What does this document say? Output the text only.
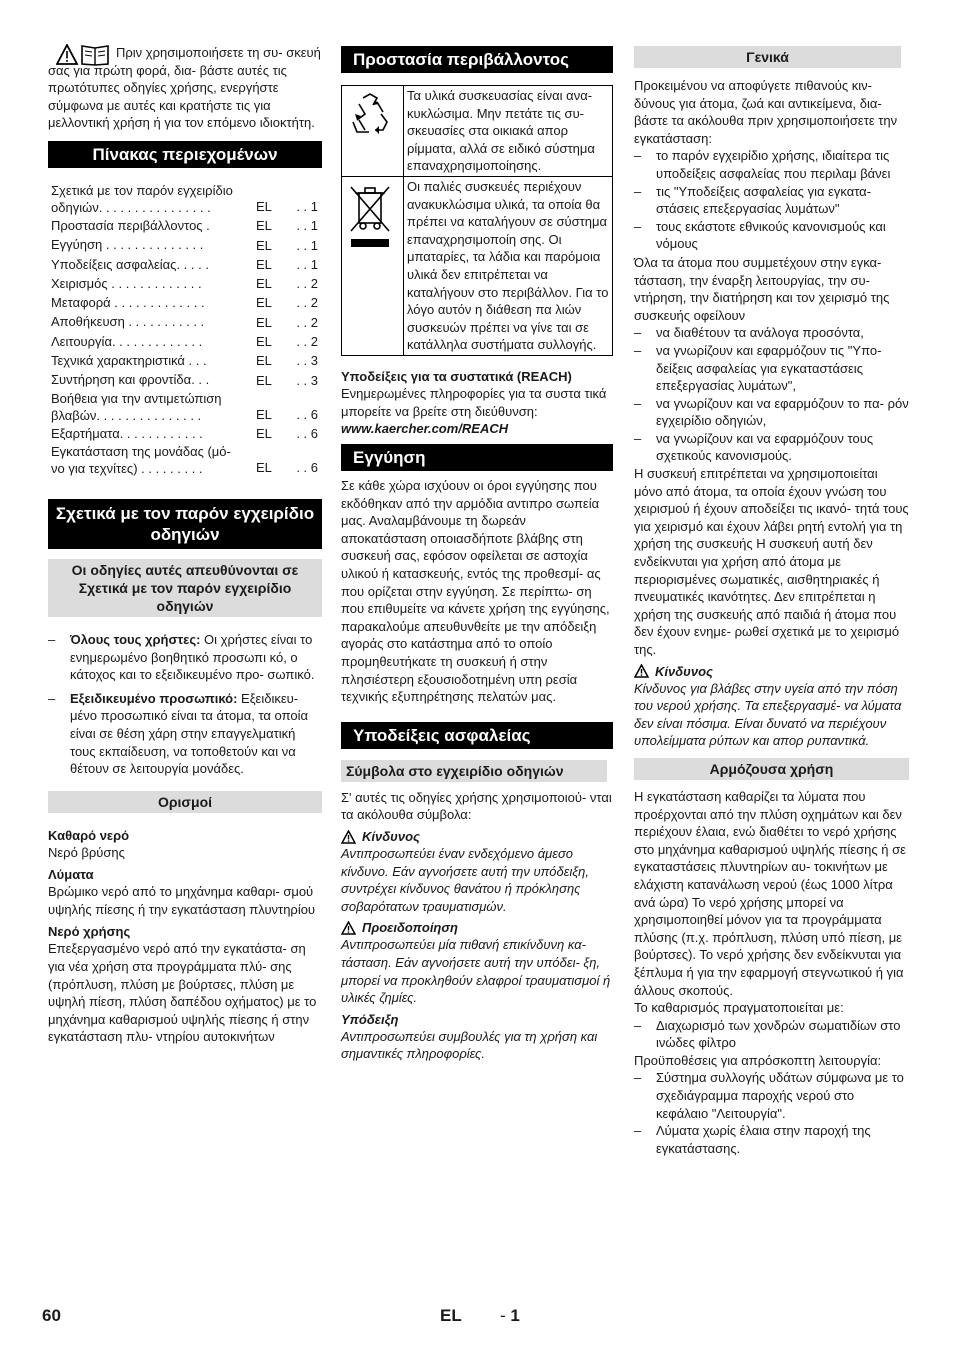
Πριν χρησιμοποιήσετε τη συ- σκευή σας για πρώτη φορά, δια- βάστε αυτές τις πρωτότυπες οδηγίες χρήσης, ενεργήστε σύμφωνα με αυτές και κρατήστε τις για μελλοντική χρήση ή για τον επόμενο ιδιοκτήτη.

Πίνακας περιεχομένων
Σχετικά με τον παρόν εγχειρίδιο οδηγιών. . . . . . . . . . . . . . . .	EL . . 1
Προστασία περιβάλλοντος .	EL . . 1
Εγγύηση . . . . . . . . . . . . . .	EL . . 1
Υποδείξεις ασφαλείας. . . . .	EL . . 1
Χειρισμός . . . . . . . . . . . . .	EL . . 2
Μεταφορά . . . . . . . . . . . . .	EL . . 2
Αποθήκευση . . . . . . . . . . .	EL . . 2
Λειτουργία. . . . . . . . . . . . .	EL . . 2
Τεχνικά χαρακτηριστικά . . .	EL . . 3
Συντήρηση και φροντίδα. . .	EL . . 3
Βοήθεια για την αντιμετώπιση βλαβών. . . . . . . . . . . . . . .	EL . . 6
Εξαρτήματα. . . . . . . . . . . .	EL . . 6
Εγκατάσταση της μονάδας (μό- νο για τεχνίτες) . . . . . . . . .	EL . . 6
Σχετικά με τον παρόν εγχειρίδιο οδηγιών
Οι οδηγίες αυτές απευθύνονται σε Σχετικά με τον παρόν εγχειρίδιο οδηγιών
– Όλους τους χρήστες: Οι χρήστες είναι το ενημερωμένο βοηθητικό προσωπι κό, ο κάτοχος και το εξειδικευμένο προ- σωπικό.
– Εξειδικευμένο προσωπικό: Εξειδικευ- μένο προσωπικό είναι τα άτομα, τα οποία είναι σε θέση χάρη στην επαγγελματική τους εκπαίδευση, να τοποθετούν και να θέτουν σε λειτουργία μονάδες.
Ορισμοί
Καθαρό νερό

Νερό βρύσης

Λύματα

Βρώμικο νερό από το μηχάνημα καθαρι- σμού υψηλής πίεσης ή την εγκατάσταση πλυντηρίου

Νερό χρήσης

Επεξεργασμένο νερό από την εγκατάστα- ση για νέα χρήση στα προγράμματα πλύ- σης (πρόπλυση, πλύση με βούρτσες, πλύση με υψηλή πίεση, πλύση δαπέδου οχήματος) με το μηχάνημα καθαρισμού υψηλής πίεσης ή στην εγκατάσταση πλυ- ντηρίου αυτοκινήτων

Προστασία περιβάλλοντος
	Τα υλικά συσκευασίας είναι ανα- κυκλώσιμα. Μην πετάτε τις συ- σκευασίες στα οικιακά απορ ρίμματα, αλλά σε ειδικό σύστημα επαναχρησιμοποίησης.
	Οι παλιές συσκευές περιέχουν ανακυκλώσιμα υλικά, τα οποία θα πρέπει να καταλήγουν σε σύστημα επαναχρησιμοποίη σης. Οι μπαταρίες, τα λάδια και παρόμοια υλικά δεν επιτρέπεται να καταλήγουν στο περιβάλλον. Για το λόγο αυτόν η διάθεση πα λιών συσκευών πρέπει να γίνε ται σε κατάλληλα συστήματα συλλογής.
Υποδείξεις για τα συστατικά (REACH)

Ενημερωμένες πληροφορίες για τα συστα τικά μπορείτε να βρείτε στη διεύθυνση:

www.kaercher.com/REACH
Εγγύηση

Σε κάθε χώρα ισχύουν οι όροι εγγύησης που εκδόθηκαν από την αρμόδια αντιπρο σωπεία μας. Αναλαμβάνουμε τη δωρεάν αποκατάσταση οποιασδήποτε βλάβης στη συσκευή σας, εφόσον οφείλεται σε αστοχία υλικού ή κατασκευής, εντός της προθεσμί- ας που ορίζεται στην εγγύηση. Σε περίπτω- ση που επιθυμείτε να κάνετε χρήση της εγγύησης, παρακαλούμε απευθυνθείτε με την απόδειξη αγοράς στο κατάστημα από το οποίο προμηθευτήκατε τη συσκευή ή στην πλησιέστερη εξουσιοδοτημένη υπη ρεσία τεχνικής εξυπηρέτησης πελατών μας.

Υποδείξεις ασφαλείας
Σύμβολα στο εγχειρίδιο οδηγιών

Σ' αυτές τις οδηγίες χρήσης χρησιμοποιού- νται τα ακόλουθα σύμβολα:

Κίνδυνος

Αντιπροσωπεύει έναν ενδεχόμενο άμεσο κίνδυνο. Εάν αγνοήσετε αυτή την υπόδειξη, συντρέχει κίνδυνος θανάτου ή πρόκλησης σοβαρότατων τραυματισμών.

Προειδοποίηση

Αντιπροσωπεύει μία πιθανή επικίνδυνη κα- τάσταση. Εάν αγνοήσετε αυτή την υπόδει- ξη, μπορεί να προκληθούν ελαφροί τραυματισμοί ή υλικές ζημίες.

Υπόδειξη

Αντιπροσωπεύει συμβουλές για τη χρήση και σημαντικές πληροφορίες.

Γενικά

Προκειμένου να αποφύγετε πιθανούς κιν- δύνους για άτομα, ζωά και αντικείμενα, δια- βάστε τα ακόλουθα πριν χρησιμοποιήσετε την εγκατάσταση:

– το παρόν εγχειρίδιο χρήσης, ιδιαίτερα τις υποδείξεις ασφαλείας που περιλαμ βάνει
– τις "Υποδείξεις ασφαλείας για εγκατα- στάσεις επεξεργασίας λυμάτων"
– τους εκάστοτε εθνικούς κανονισμούς και νόμους

Όλα τα άτομα που συμμετέχουν στην εγκα- τάσταση, την έναρξη λειτουργίας, την συ- ντήρηση, την διατήρηση και τον χειρισμό της συσκευής οφείλουν

– να διαθέτουν τα ανάλογα προσόντα,
– να γνωρίζουν και εφαρμόζουν τις "Υπο- δείξεις ασφαλείας για εγκαταστάσεις επεξεργασίας λυμάτων",
– να γνωρίζουν και να εφαρμόζουν το πα- ρόν εγχειρίδιο οδηγιών,
– να γνωρίζουν και να εφαρμόζουν τους σχετικούς κανονισμούς.

Η συσκευή επιτρέπεται να χρησιμοποιείται μόνο από άτομα, τα οποία έχουν γνώση του χειρισμού ή έχουν αποδείξει τις ικανό- τητά τους για χειρισμό και έχουν λάβει ρητή εντολή για τη χρήση της συσκευής Η συσκευή αυτή δεν ενδείκνυται για χρήση από άτομα με περιορισμένες σωματικές, αισθητηριακές ή πνευματικές ικανότητες. Δεν επιτρέπεται η χρήση της συσκευής από παιδιά ή άτομα που δεν έχουν ενημε- ρωθεί σχετικά με το χειρισμό της.

Κίνδυνος

Κίνδυνος για βλάβες στην υγεία από την πόση του νερού χρήσης. Τα επεξεργασμέ- να λύματα δεν είναι πόσιμα. Είναι δυνατό να περιέχουν υπολείμματα ρύπων και απορ ρυπαντικά.

Αρμόζουσα χρήση

Η εγκατάσταση καθαρίζει τα λύματα που προέρχονται από την πλύση οχημάτων και δεν περιέχουν έλαια, ενώ διαθέτει το νερό χρήσης στο μηχάνημα καθαρισμού υψηλής πίεσης ή σε εγκαταστάσεις πλυντηρίων αυ- τοκινήτων με ελάχιστη κατανάλωση νερού (έως 1000 λίτρα ανά ώρα) Το νερό χρήσης μπορεί να χρησιμοποιηθεί μόνον για τα προγράμματα πλύσης (π.χ. πρόπλυση, πλύση υπό πίεση, με βούρτσες). Το νερό χρήσης δεν ενδείκνυται για ξέπλυμα ή για την εφαρμογή στεγνωτικού ή για άλλους σκοπούς.

Το καθαρισμός πραγματοποιείται με:

– Διαχωρισμό των χονδρών σωματιδίων στο ινώδες φίλτρο

Προϋποθέσεις για απρόσκοπτη λειτουργία:

– Σύστημα συλλογής υδάτων σύμφωνα με το σχεδιάγραμμα παροχής νερού στο κεφάλαιο "Λειτουργία".
– Λύματα χωρίς έλαια στην παροχή της εγκατάστασης.
60	EL - 1
